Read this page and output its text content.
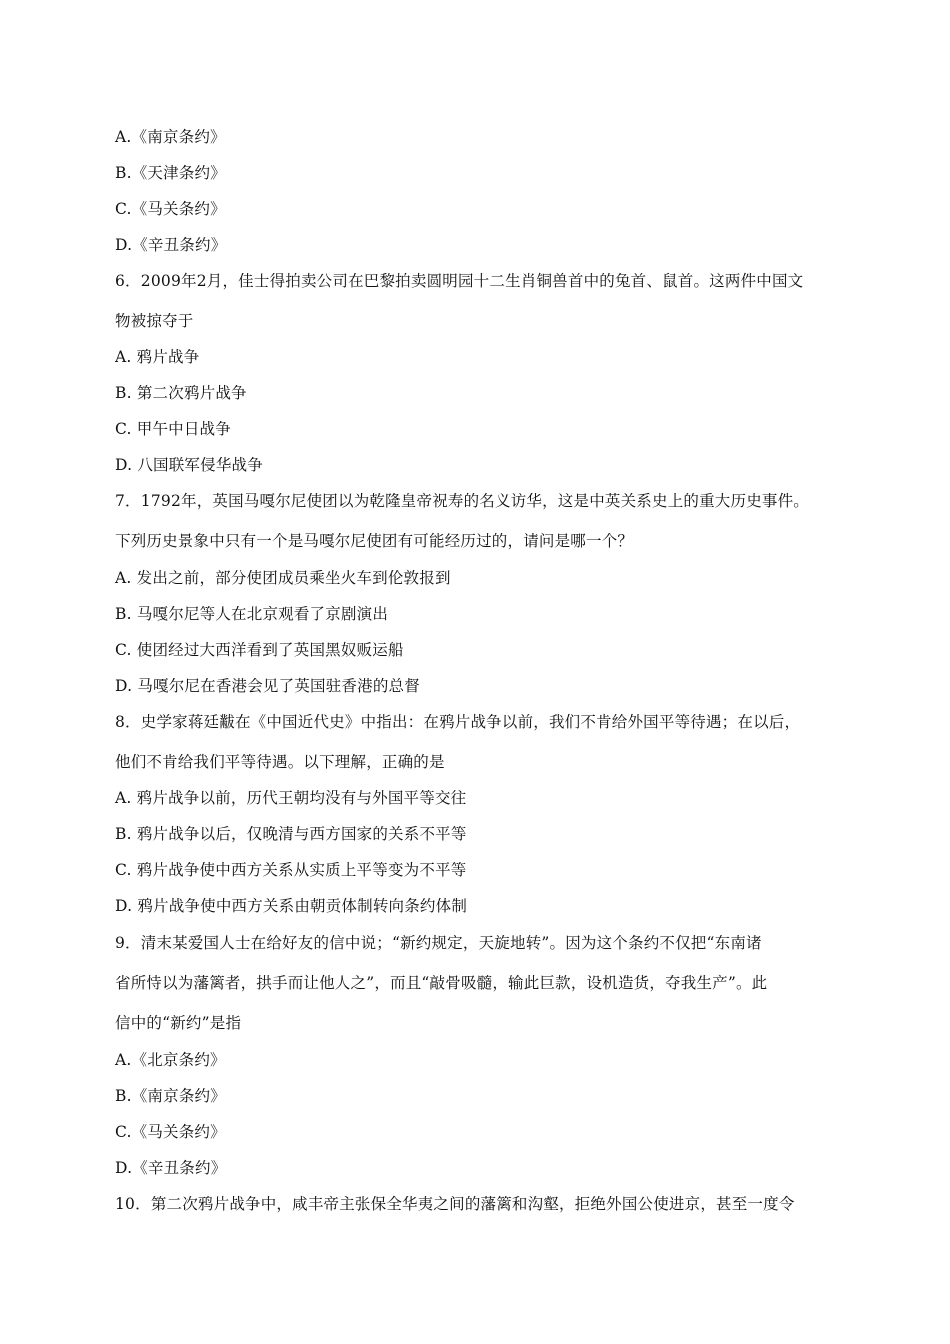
A.《南京条约》
B.《天津条约》
C.《马关条约》
D.《辛丑条约》
6．2009年2月，佳士得拍卖公司在巴黎拍卖圆明园十二生肖铜兽首中的兔首、鼠首。这两件中国文
物被掠夺于
A. 鸦片战争
B. 第二次鸦片战争
C. 甲午中日战争
D. 八国联军侵华战争
7．1792年，英国马嘎尔尼使团以为乾隆皇帝祝寿的名义访华，这是中英关系史上的重大历史事件。
下列历史景象中只有一个是马嘎尔尼使团有可能经历过的，请问是哪一个？
A. 发出之前，部分使团成员乘坐火车到伦敦报到
B. 马嘎尔尼等人在北京观看了京剧演出
C. 使团经过大西洋看到了英国黑奴贩运船
D. 马嘎尔尼在香港会见了英国驻香港的总督
8．史学家蒋廷黻在《中国近代史》中指出：在鸦片战争以前，我们不肯给外国平等待遇；在以后，
他们不肯给我们平等待遇。以下理解，正确的是
A. 鸦片战争以前，历代王朝均没有与外国平等交往
B. 鸦片战争以后，仅晚清与西方国家的关系不平等
C. 鸦片战争使中西方关系从实质上平等变为不平等
D. 鸦片战争使中西方关系由朝贡体制转向条约体制
9．清末某爱国人士在给好友的信中说；“新约规定，天旋地转”。因为这个条约不仅把“东南诸
省所恃以为藩篱者，拱手而让他人之”，而且“敲骨吸髓，输此巨款，设机造货，夺我生产”。此
信中的“新约”是指
A.《北京条约》
B.《南京条约》
C.《马关条约》
D.《辛丑条约》
10．第二次鸦片战争中，咸丰帝主张保全华夷之间的藩篱和沟壑，拒绝外国公使进京，甚至一度令
